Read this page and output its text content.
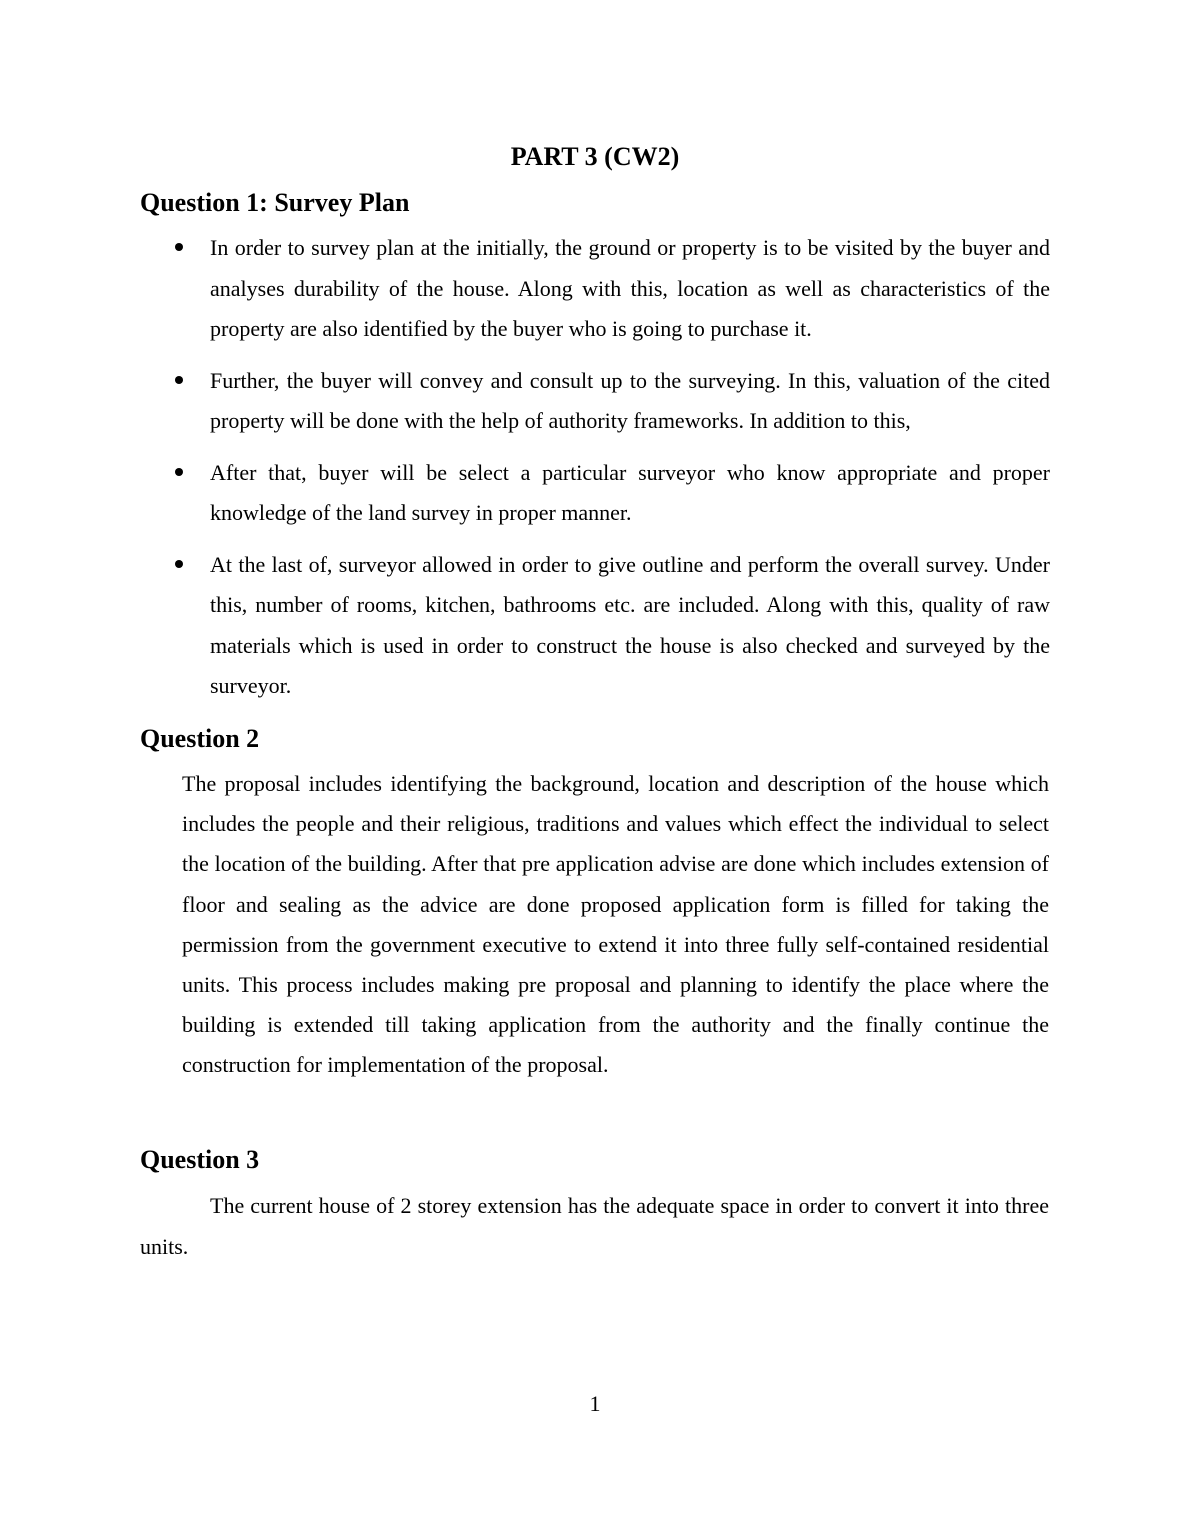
PART 3 (CW2)
Question 1: Survey Plan
In order to survey plan at the initially, the ground or property is to be visited by the buyer and analyses durability of the house. Along with this, location as well as characteristics of the property are also identified by the buyer who is going to purchase it.
Further, the buyer will convey and consult up to the surveying. In this, valuation of the cited property will be done with the help of authority frameworks. In addition to this,
After that, buyer will be select a particular surveyor who know appropriate and proper knowledge of the land survey in proper manner.
At the last of, surveyor allowed in order to give outline and perform the overall survey. Under this, number of rooms, kitchen, bathrooms etc. are included. Along with this, quality of raw materials which is used in order to construct the house is also checked and surveyed by the surveyor.
Question 2

The proposal includes identifying the background, location and description of the house which includes the people and their religious, traditions and values which effect the individual to select the location of the building. After that pre application advise are done which includes extension of floor and sealing as the advice are done proposed application form is filled for taking the permission from the government executive to extend it into three fully self-contained residential units. This process includes making pre proposal and planning to identify the place where the building is extended till taking application from the authority and the finally continue the construction for implementation of the proposal.

Question 3

The current house of 2 storey extension has the adequate space in order to convert it into three units.

1
